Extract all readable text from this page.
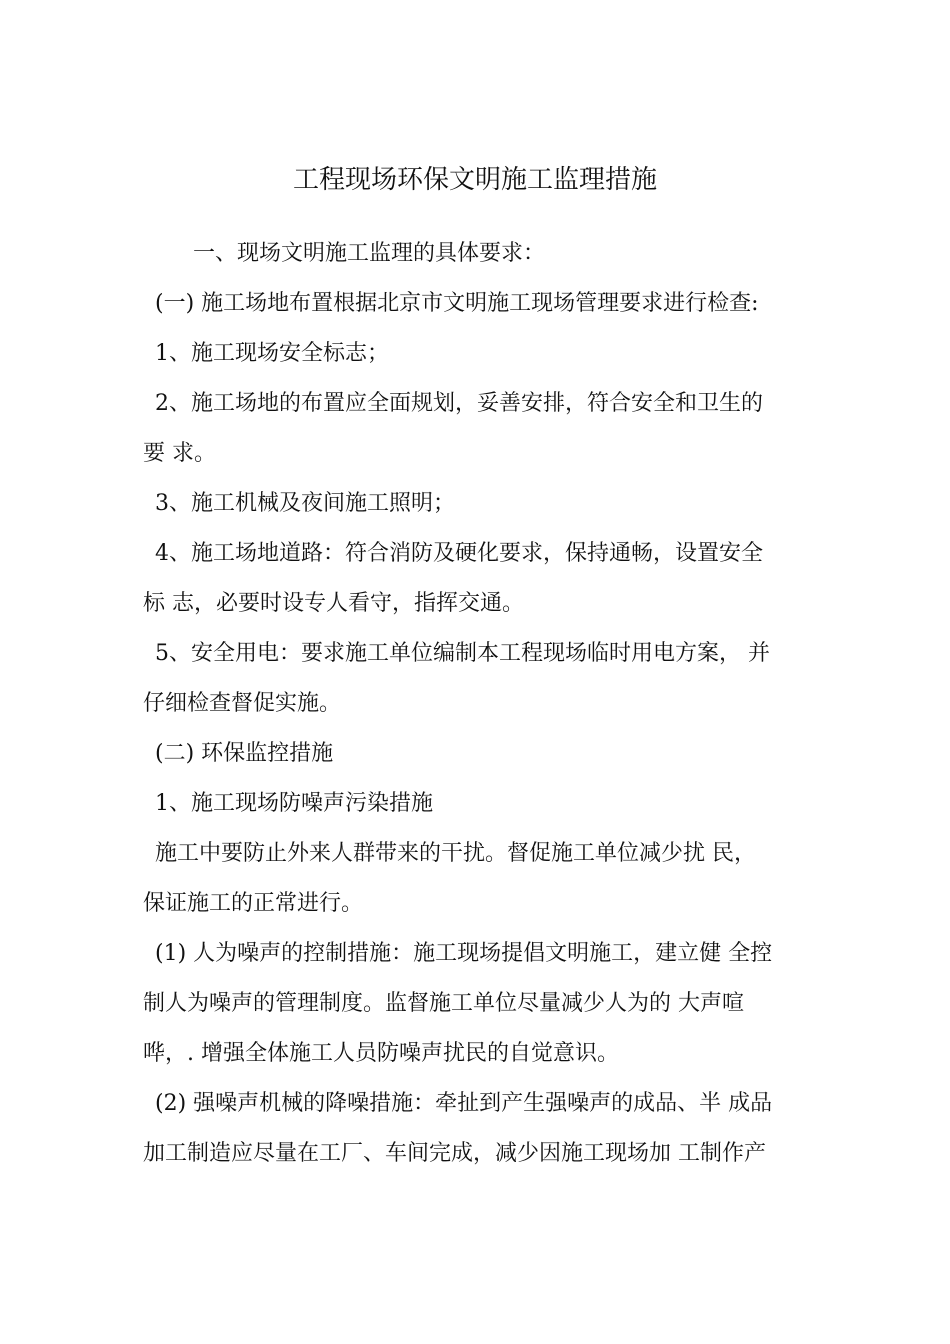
工程现场环保文明施工监理措施
一、现场文明施工监理的具体要求：
(一) 施工场地布置根据北京市文明施工现场管理要求进行检查:
1、施工现场安全标志；
2、施工场地的布置应全面规划，妥善安排，符合安全和卫生的
要 求。
3、施工机械及夜间施工照明；
4、施工场地道路：符合消防及硬化要求，保持通畅，设置安全
标 志，必要时设专人看守，指挥交通。
5、安全用电：要求施工单位编制本工程现场临时用电方案， 并
仔细检查督促实施。
(二) 环保监控措施
1、施工现场防噪声污染措施
施工中要防止外来人群带来的干扰。督促施工单位减少扰 民，
保证施工的正常进行。
(1) 人为噪声的控制措施：施工现场提倡文明施工，建立健 全控
制人为噪声的管理制度。监督施工单位尽量减少人为的 大声喧
哗，. 增强全体施工人员防噪声扰民的自觉意识。
(2) 强噪声机械的降噪措施：牵扯到产生强噪声的成品、半 成品
加工制造应尽量在工厂、车间完成，减少因施工现场加 工制作产
